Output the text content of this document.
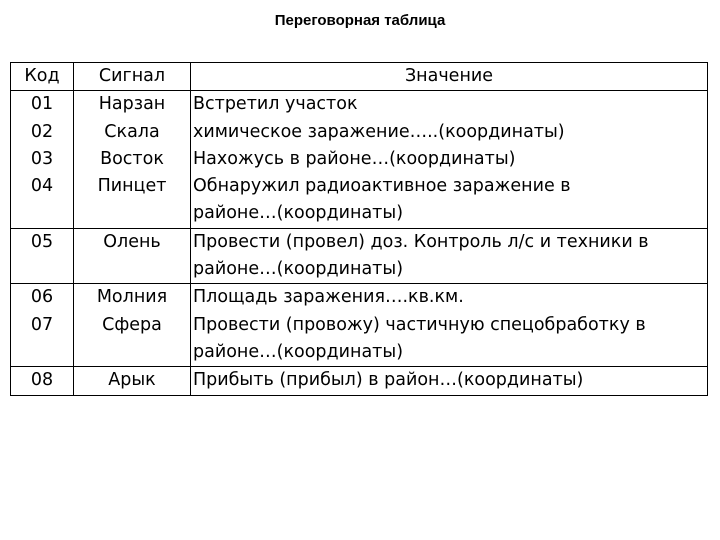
Переговорная таблица
Код	Сигнал	Значение
01	Нарзан	Встретил участок
02	Скала	химическое заражение…..(координаты)
03	Восток	Нахожусь в районе…(координаты)
04	Пинцет	Обнаружил радиоактивное заражение в
районе…(координаты)
05	Олень	Провести (провел) доз. Контроль л/с и техники в
районе…(координаты)
06	Молния	Площадь заражения….кв.км.
07	Сфера	Провести (провожу) частичную спецобработку в
районе…(координаты)
08	Арык	Прибыть (прибыл) в район…(координаты)
